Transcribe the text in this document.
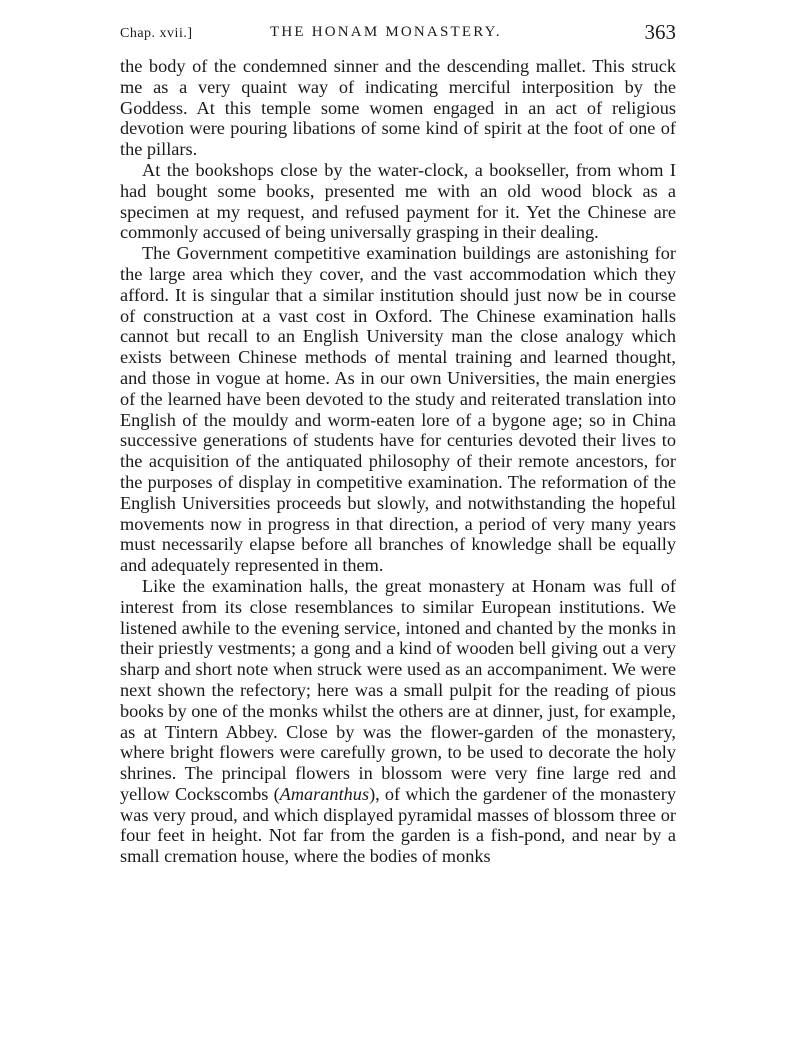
Chap. xvii.]	THE HONAM MONASTERY.	363

the body of the condemned sinner and the descending mallet. This struck me as a very quaint way of indicating merciful interposition by the Goddess. At this temple some women engaged in an act of religious devotion were pouring libations of some kind of spirit at the foot of one of the pillars.

At the bookshops close by the water-clock, a bookseller, from whom I had bought some books, presented me with an old wood block as a specimen at my request, and refused payment for it. Yet the Chinese are commonly accused of being universally grasping in their dealing.

The Government competitive examination buildings are astonishing for the large area which they cover, and the vast accommodation which they afford. It is singular that a similar institution should just now be in course of construction at a vast cost in Oxford. The Chinese examination halls cannot but recall to an English University man the close analogy which exists between Chinese methods of mental training and learned thought, and those in vogue at home. As in our own Universities, the main energies of the learned have been devoted to the study and reiterated translation into English of the mouldy and worm-eaten lore of a bygone age; so in China successive generations of students have for centuries devoted their lives to the acquisition of the antiquated philosophy of their remote ancestors, for the purposes of display in competitive examination. The reformation of the English Universities proceeds but slowly, and notwithstanding the hopeful movements now in progress in that direction, a period of very many years must necessarily elapse before all branches of knowledge shall be equally and adequately represented in them.

Like the examination halls, the great monastery at Honam was full of interest from its close resemblances to similar European institutions. We listened awhile to the evening service, intoned and chanted by the monks in their priestly vestments; a gong and a kind of wooden bell giving out a very sharp and short note when struck were used as an accompaniment. We were next shown the refectory; here was a small pulpit for the reading of pious books by one of the monks whilst the others are at dinner, just, for example, as at Tintern Abbey. Close by was the flower-garden of the monastery, where bright flowers were carefully grown, to be used to decorate the holy shrines. The principal flowers in blossom were very fine large red and yellow Cockscombs (Amaranthus), of which the gardener of the monastery was very proud, and which displayed pyramidal masses of blossom three or four feet in height. Not far from the garden is a fish-pond, and near by a small cremation house, where the bodies of monks
